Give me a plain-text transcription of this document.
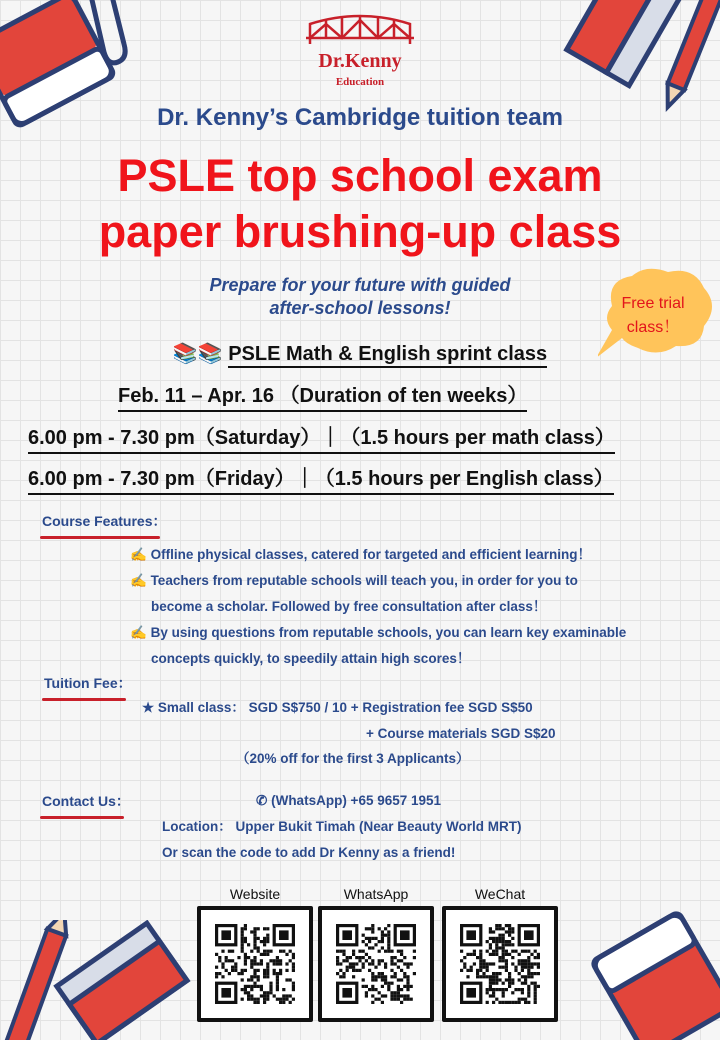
Dr.Kenny
Education
Dr. Kenny’s Cambridge tuition team
PSLE top school exam
paper brushing-up class
Prepare for your future with guided
after-school lessons!	Free trial
class！
📚📚 PSLE Math & English sprint class
Feb. 11 – Apr. 16 （Duration of ten weeks）
6.00 pm - 7.30 pm（Saturday）｜（1.5 hours per math class）
6.00 pm - 7.30 pm（Friday）｜（1.5 hours per English class）
Course Features：
✍ Offline physical classes, catered for targeted and efficient learning！
✍ Teachers from reputable schools will teach you, in order for you to
become a scholar. Followed by free consultation after class！
✍ By using questions from reputable schools, you can learn key examinable
concepts quickly, to speedily attain high scores！
Tuition Fee：
★ Small class： SGD S$750 / 10 + Registration fee SGD S$50
+ Course materials SGD S$20
（20% off for the first 3 Applicants）
Contact Us：	✆ (WhatsApp) +65 9657 1951
Location： Upper Bukit Timah (Near Beauty World MRT)
Or scan the code to add Dr Kenny as a friend!
Website	WhatsApp	WeChat
